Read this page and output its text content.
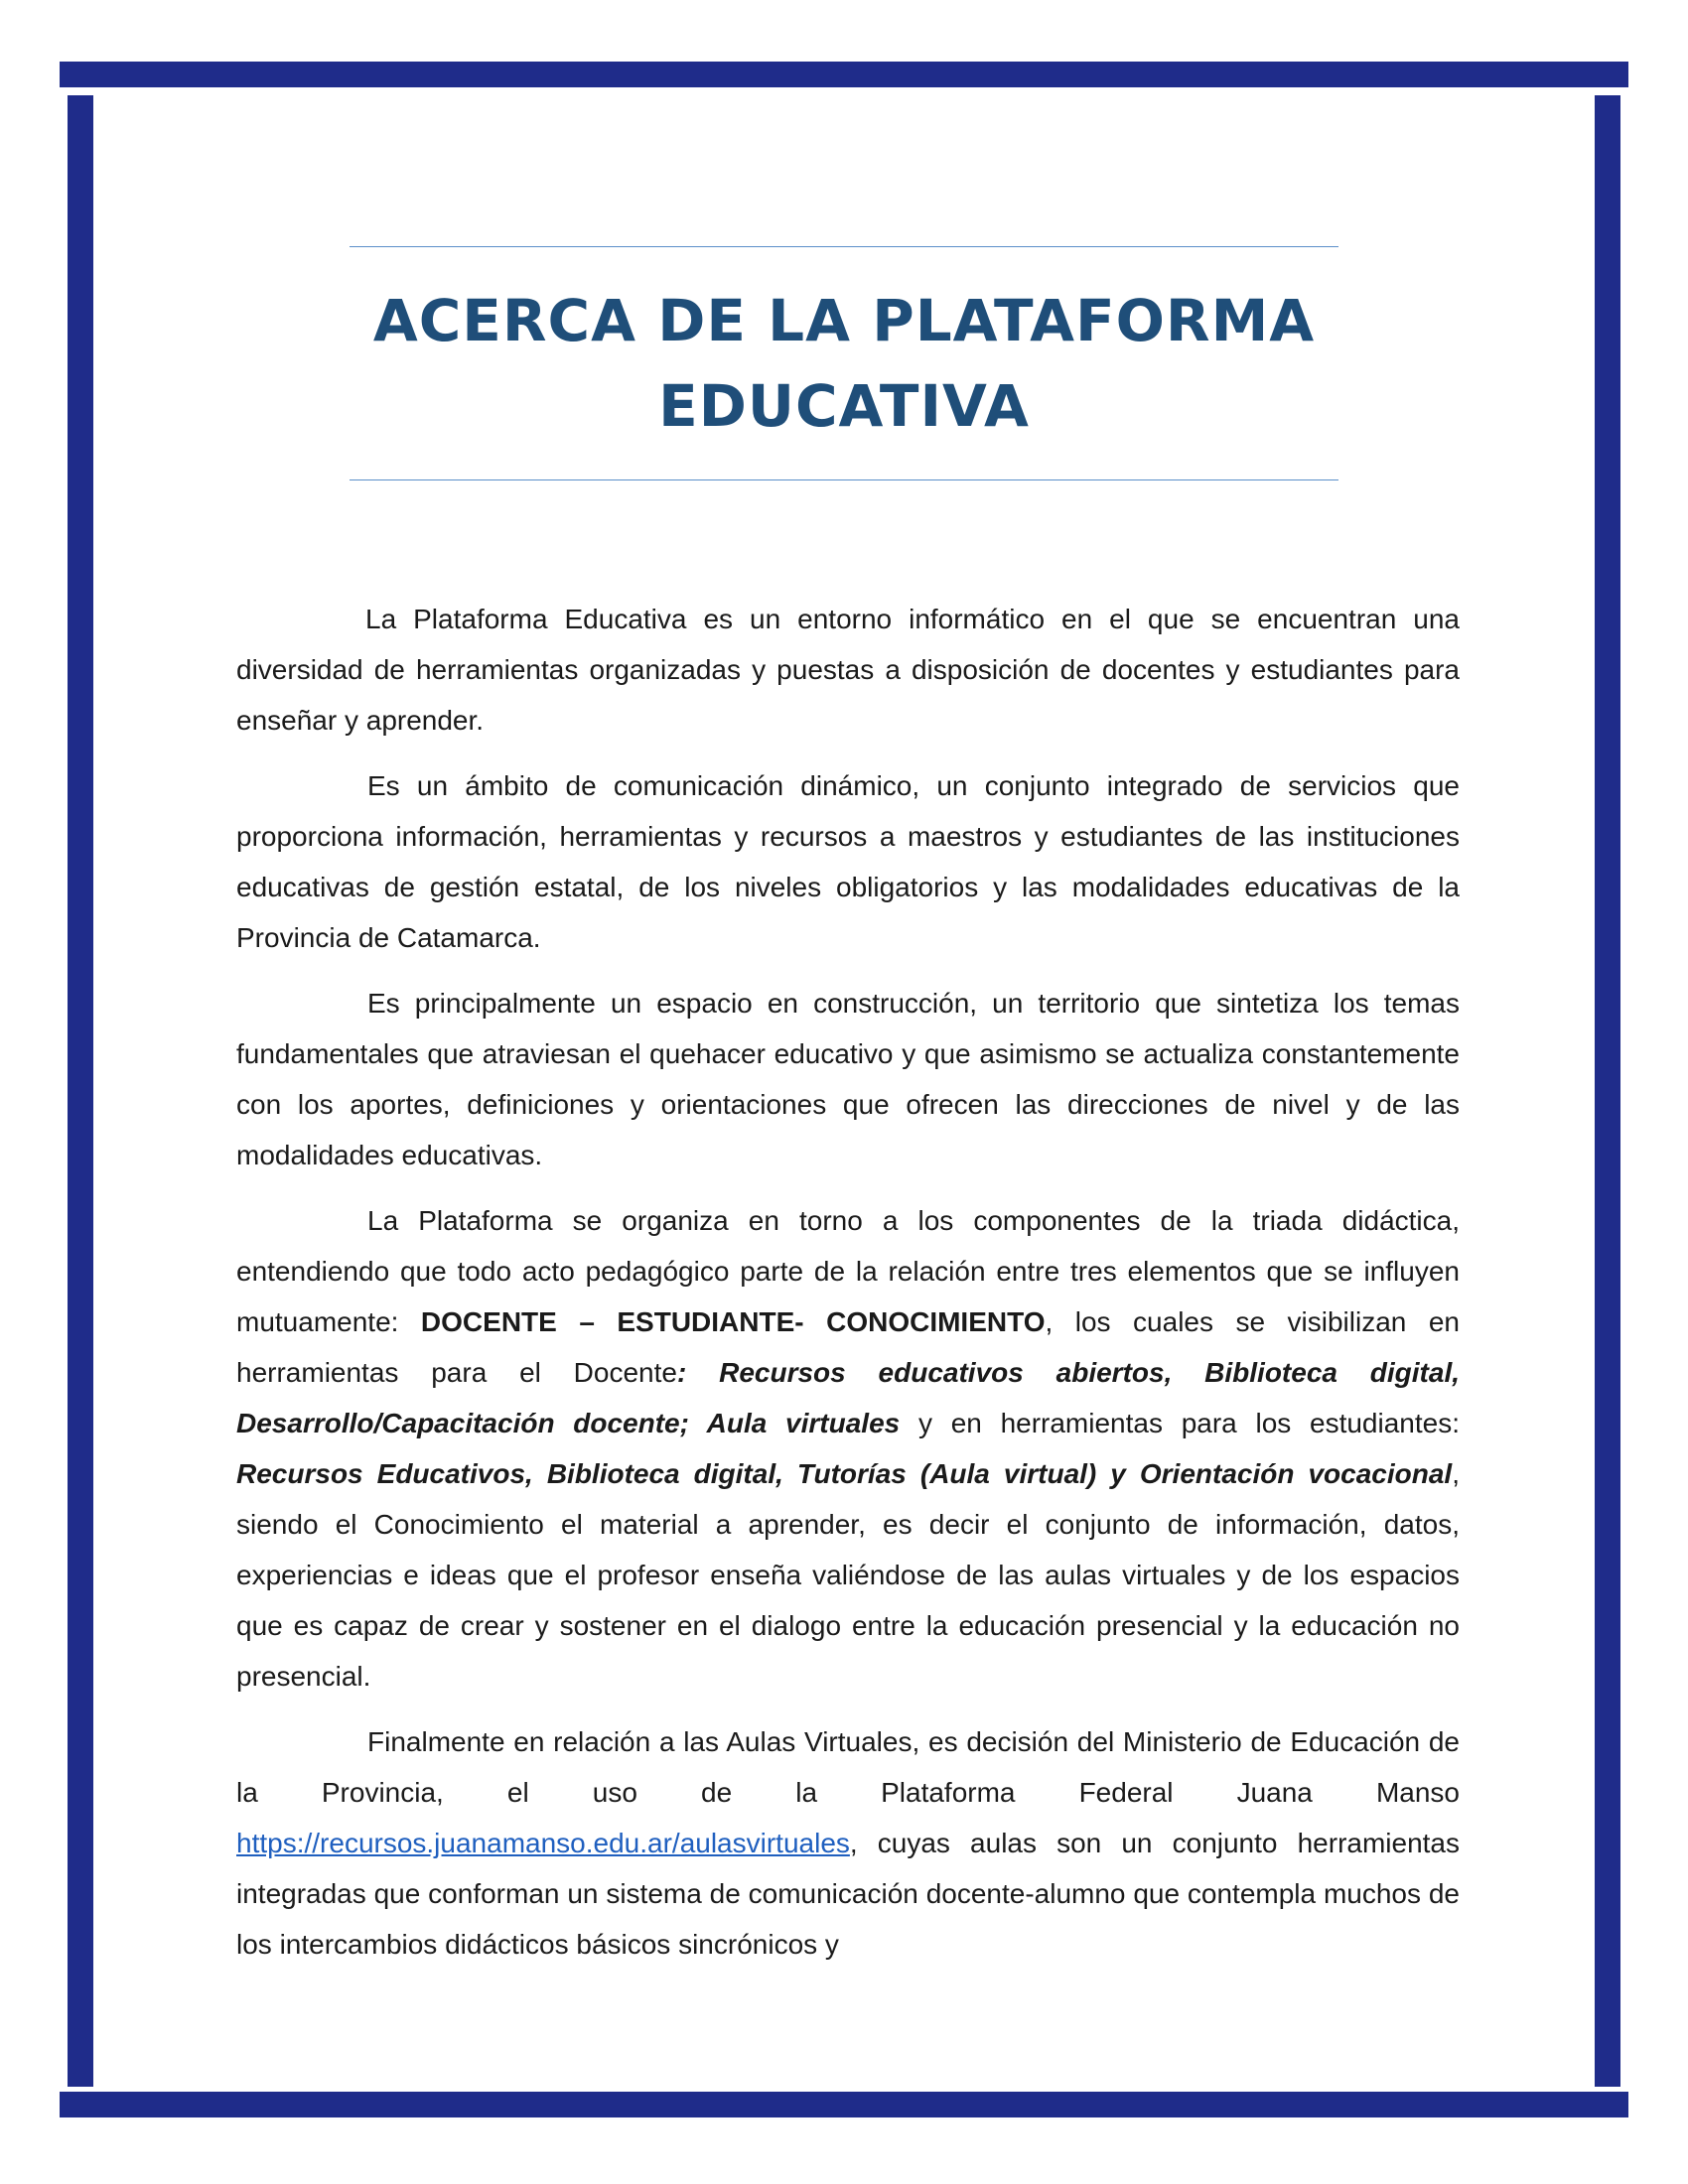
ACERCA DE LA PLATAFORMA EDUCATIVA

La Plataforma Educativa es un entorno informático en el que se encuentran una diversidad de herramientas organizadas y puestas a disposición de docentes y estudiantes para enseñar y aprender.

Es un ámbito de comunicación dinámico, un conjunto integrado de servicios que proporciona información, herramientas y recursos a maestros y estudiantes de las instituciones educativas de gestión estatal, de los niveles obligatorios y las modalidades educativas de la Provincia de Catamarca.

Es principalmente un espacio en construcción, un territorio que sintetiza los temas fundamentales que atraviesan el quehacer educativo y que asimismo se actualiza constantemente con los aportes, definiciones y orientaciones que ofrecen las direcciones de nivel y de las modalidades educativas.

La Plataforma se organiza en torno a los componentes de la triada didáctica, entendiendo que todo acto pedagógico parte de la relación entre tres elementos que se influyen mutuamente: DOCENTE – ESTUDIANTE- CONOCIMIENTO, los cuales se visibilizan en herramientas para el Docente: Recursos educativos abiertos, Biblioteca digital, Desarrollo/Capacitación docente; Aula virtuales y en herramientas para los estudiantes: Recursos Educativos, Biblioteca digital, Tutorías (Aula virtual) y Orientación vocacional, siendo el Conocimiento el material a aprender, es decir el conjunto de información, datos, experiencias e ideas que el profesor enseña valiéndose de las aulas virtuales y de los espacios que es capaz de crear y sostener en el dialogo entre la educación presencial y la educación no presencial.

Finalmente en relación a las Aulas Virtuales, es decisión del Ministerio de Educación de la Provincia, el uso de la Plataforma Federal Juana Manso https://recursos.juanamanso.edu.ar/aulasvirtuales, cuyas aulas son un conjunto herramientas integradas que conforman un sistema de comunicación docente-alumno que contempla muchos de los intercambios didácticos básicos sincrónicos y
